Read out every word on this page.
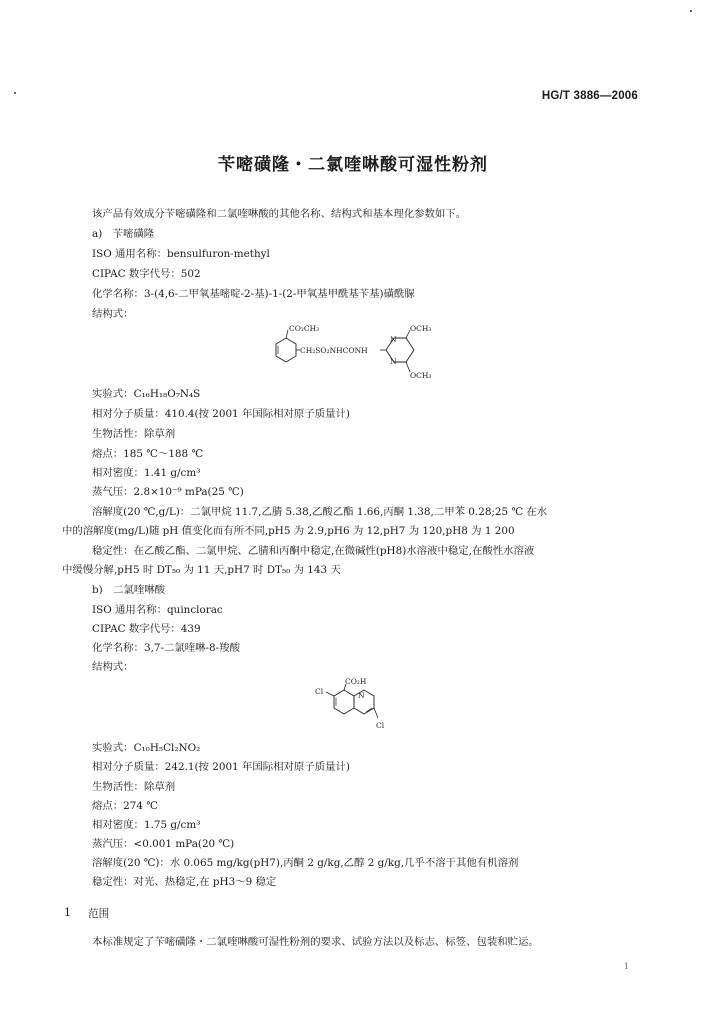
HG/T 3886—2006
苄嘧磺隆・二氯喹啉酸可湿性粉剂
该产品有效成分苄嘧磺隆和二氯喹啉酸的其他名称、结构式和基本理化参数如下。
a)　苄嘧磺隆
ISO 通用名称：bensulfuron-methyl
CIPAC 数字代号：502
化学名称：3-(4,6-二甲氧基嘧啶-2-基)-1-(2-甲氧基甲酰基苄基)磺酰脲
结构式：
CO₂CH₃
CH₂SO₂NHCONH
N
N
OCH₃
OCH₃
实验式：C₁₆H₁₈O₇N₄S
相对分子质量：410.4(按 2001 年国际相对原子质量计)
生物活性：除草剂
熔点：185 ℃～188 ℃
相对密度：1.41 g/cm³
蒸气压：2.8×10⁻⁹ mPa(25 ℃)
溶解度(20 ℃,g/L)：二氯甲烷 11.7,乙腈 5.38,乙酸乙酯 1.66,丙酮 1.38,二甲苯 0.28;25 ℃ 在水
中的溶解度(mg/L)随 pH 值变化而有所不同,pH5 为 2.9,pH6 为 12,pH7 为 120,pH8 为 1 200
稳定性：在乙酸乙酯、二氯甲烷、乙腈和丙酮中稳定,在微碱性(pH8)水溶液中稳定,在酸性水溶液
中缓慢分解,pH5 时 DT₅₀ 为 11 天,pH7 时 DT₅₀ 为 143 天
b)　二氯喹啉酸
ISO 通用名称：quinclorac
CIPAC 数字代号：439
化学名称：3,7-二氯喹啉-8-羧酸
结构式：
CO₂H
Cl	N
Cl
实验式：C₁₀H₅Cl₂NO₂
相对分子质量：242.1(按 2001 年国际相对原子质量计)
生物活性：除草剂
熔点：274 ℃
相对密度：1.75 g/cm³
蒸汽压：<0.001 mPa(20 ℃)
溶解度(20 ℃)：水 0.065 mg/kg(pH7),丙酮 2 g/kg,乙醇 2 g/kg,几乎不溶于其他有机溶剂
稳定性：对光、热稳定,在 pH3～9 稳定
1 范围
本标准规定了苄嘧磺隆・二氯喹啉酸可湿性粉剂的要求、试验方法以及标志、标签、包装和贮运。
1
